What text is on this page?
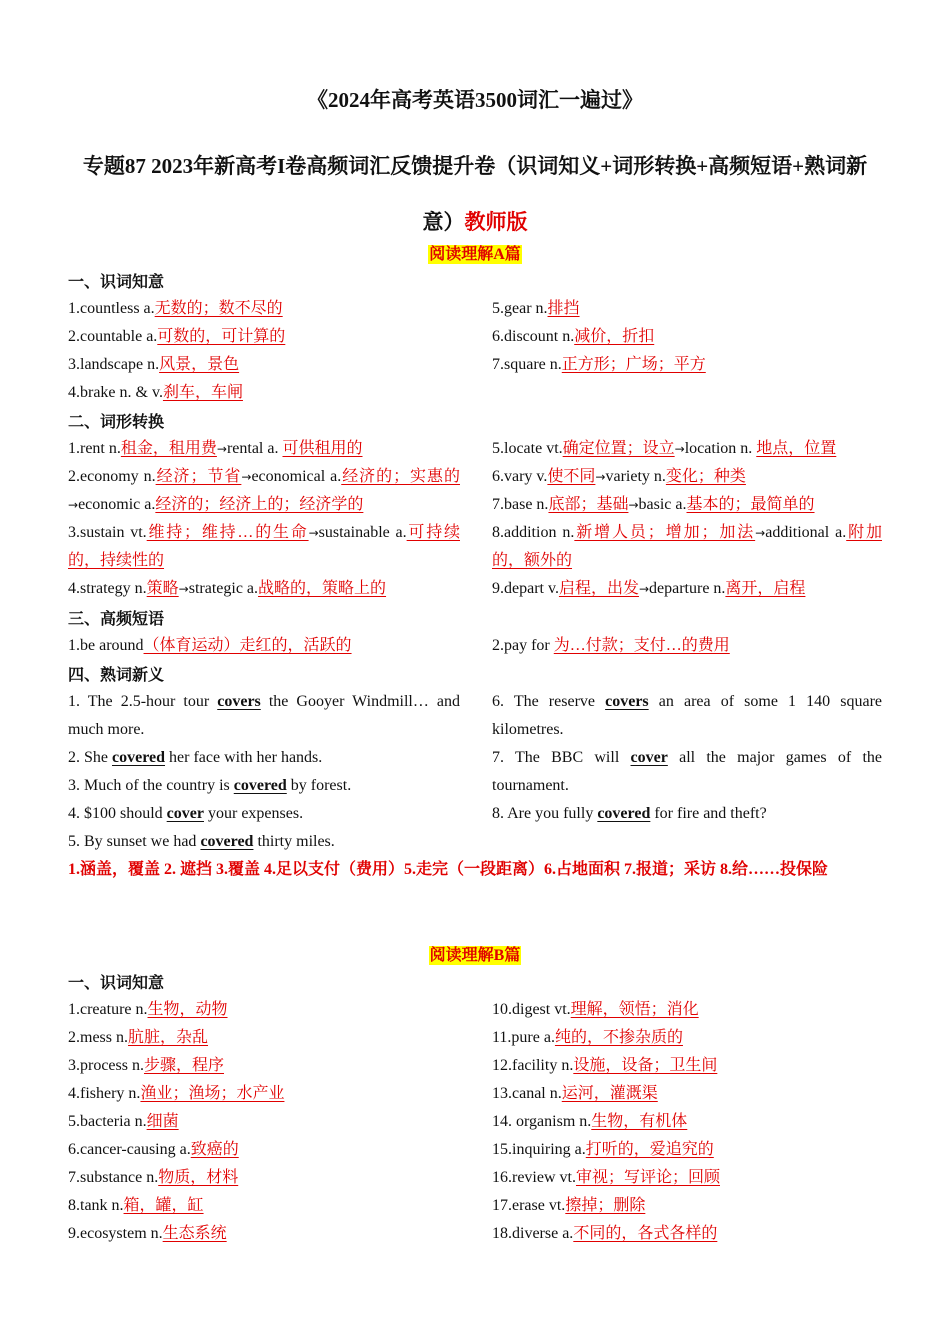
《2024年高考英语3500词汇一遍过》
专题87 2023年新高考I卷高频词汇反馈提升卷（识词知义+词形转换+高频短语+熟词新意）教师版
阅读理解A篇
一、识词知意
1.countless a.无数的；数不尽的
2.countable a.可数的，可计算的
3.landscape n.风景，景色
4.brake n. & v.刹车，车闸
5.gear n.排挡
6.discount n.减价，折扣
7.square n.正方形；广场；平方
二、词形转换
1.rent n.租金，租用费→rental a. 可供租用的
2.economy n.经济；节省→economical a.经济的；实惠的→economic a.经济的；经济上的；经济学的
3.sustain vt.维持；维持…的生命→sustainable a.可持续的，持续性的
4.strategy n.策略→strategic a.战略的，策略上的
5.locate vt.确定位置；设立→location n. 地点，位置
6.vary v.使不同→variety n.变化；种类
7.base n.底部；基础→basic a.基本的；最简单的
8.addition n.新增人员；增加；加法→additional a.附加的，额外的
9.depart v.启程，出发→departure n.离开，启程
三、高频短语
1.be around（体育运动）走红的，活跃的	2.pay for 为…付款；支付…的费用
四、熟词新义
1. The 2.5-hour tour covers the Gooyer Windmill… and much more.
2. She covered her face with her hands.
3. Much of the country is covered by forest.
4. $100 should cover your expenses.
5. By sunset we had covered thirty miles.
6. The reserve covers an area of some 1 140 square kilometres.
7. The BBC will cover all the major games of the tournament.
8. Are you fully covered for fire and theft?
1.涵盖，覆盖 2. 遮挡 3.覆盖 4.足以支付（费用）5.走完（一段距离）6.占地面积 7.报道；采访 8.给……投保险
阅读理解B篇
一、识词知意
1.creature n.生物，动物
2.mess n.肮脏，杂乱
3.process n.步骤，程序
4.fishery n.渔业；渔场；水产业
5.bacteria n.细菌
6.cancer-causing a.致癌的
7.substance n.物质，材料
8.tank n.箱，罐，缸
9.ecosystem n.生态系统
10.digest vt.理解，领悟；消化
11.pure a.纯的，不掺杂质的
12.facility n.设施，设备；卫生间
13.canal n.运河，灌溉渠
14. organism n.生物，有机体
15.inquiring a.打听的，爱追究的
16.review vt.审视；写评论；回顾
17.erase vt.擦掉；删除
18.diverse a.不同的，各式各样的
